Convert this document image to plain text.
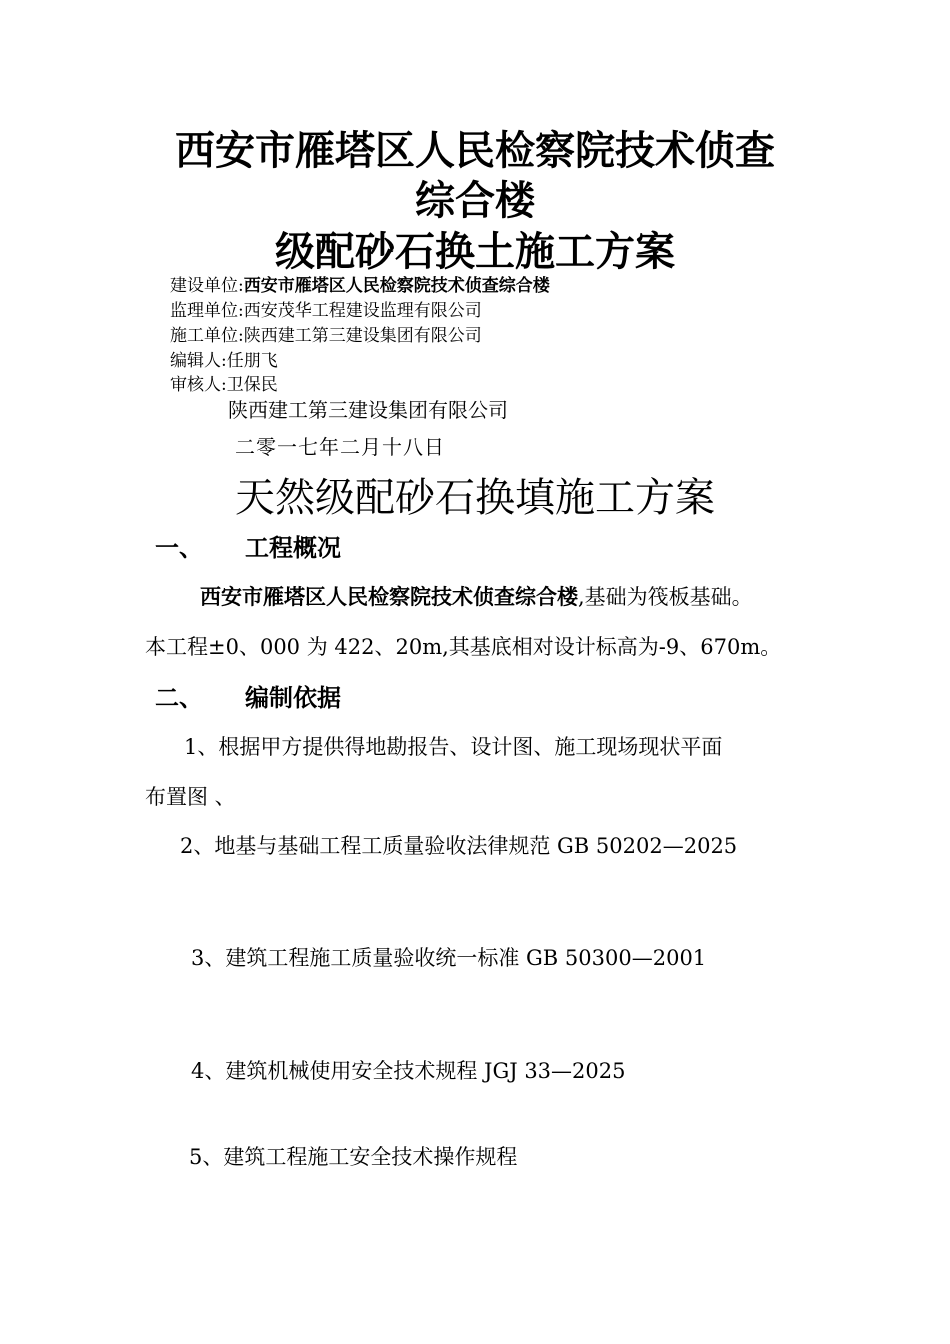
西安市雁塔区人民检察院技术侦查
综合楼
级配砂石换土施工方案
建设单位:西安市雁塔区人民检察院技术侦查综合楼
监理单位:西安茂华工程建设监理有限公司
施工单位:陕西建工第三建设集团有限公司
编辑人:任朋飞
审核人:卫保民
陕西建工第三建设集团有限公司
二零一七年二月十八日
天然级配砂石换填施工方案
一、 工程概况
西安市雁塔区人民检察院技术侦查综合楼,基础为筏板基础。
本工程±0、000 为 422、20m,其基底相对设计标高为-9、670m。
二、 编制依据
1、根据甲方提供得地勘报告、设计图、施工现场现状平面
布置图 、
2、地基与基础工程工质量验收法律规范 GB 50202—2025
3、建筑工程施工质量验收统一标准 GB 50300—2001
4、建筑机械使用安全技术规程 JGJ 33—2025
5、建筑工程施工安全技术操作规程
